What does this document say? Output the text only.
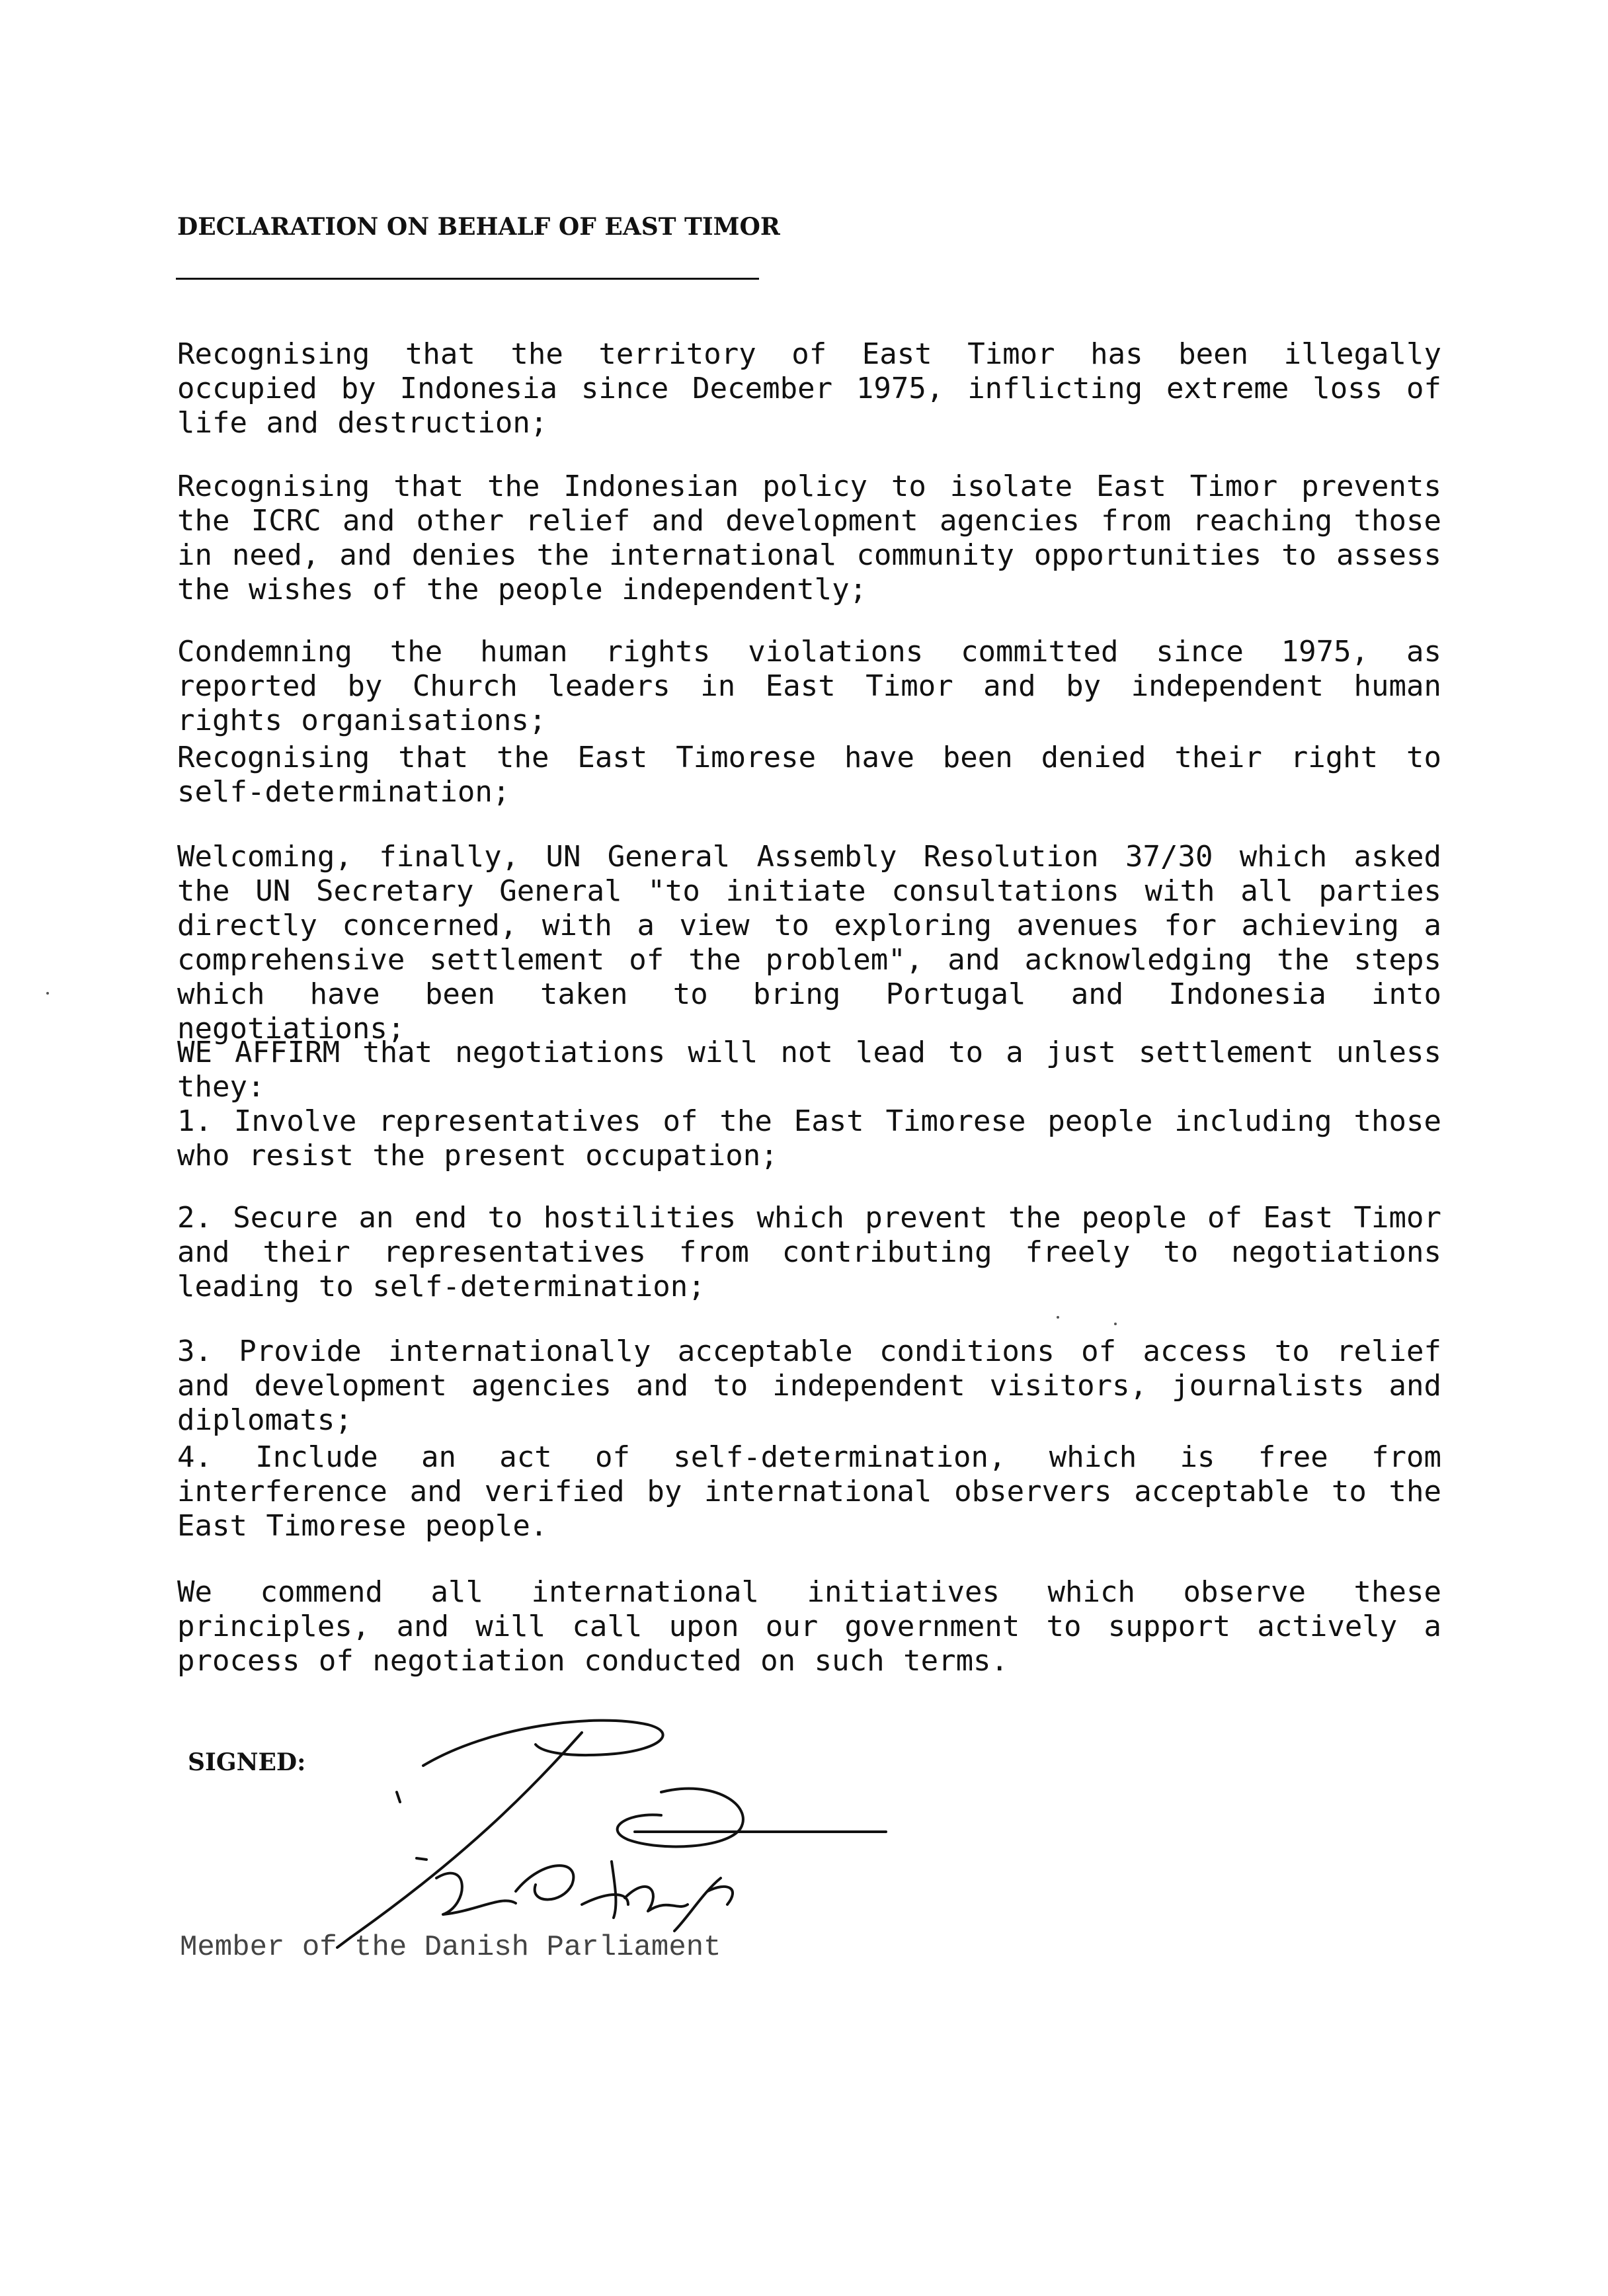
DECLARATION ON BEHALF OF EAST TIMOR

Recognising that the territory of East Timor has been illegally occupied by Indonesia since December 1975, inflicting extreme loss of life and destruction;

Recognising that the Indonesian policy to isolate East Timor prevents the ICRC and other relief and development agencies from reaching those in need, and denies the international community opportunities to assess the wishes of the people independently;

Condemning the human rights violations committed since 1975, as reported by Church leaders in East Timor and by independent human rights organisations;

Recognising that the East Timorese have been denied their right to self-determination;

Welcoming, finally, UN General Assembly Resolution 37/30 which asked the UN Secretary General "to initiate consultations with all parties directly concerned, with a view to exploring avenues for achieving a comprehensive settlement of the problem", and acknowledging the steps which have been taken to bring Portugal and Indonesia into negotiations;

WE AFFIRM that negotiations will not lead to a just settlement unless they:

1. Involve representatives of the East Timorese people including those who resist the present occupation;

2. Secure an end to hostilities which prevent the people of East Timor and their representatives from contributing freely to negotiations leading to self-determination;

3. Provide internationally acceptable conditions of access to relief and development agencies and to independent visitors, journalists and diplomats;

4. Include an act of self-determination, which is free from interference and verified by international observers acceptable to the East Timorese people.

We commend all international initiatives which observe these principles, and will call upon our government to support actively a process of negotiation conducted on such terms.

SIGNED:
Member of the Danish Parliament
